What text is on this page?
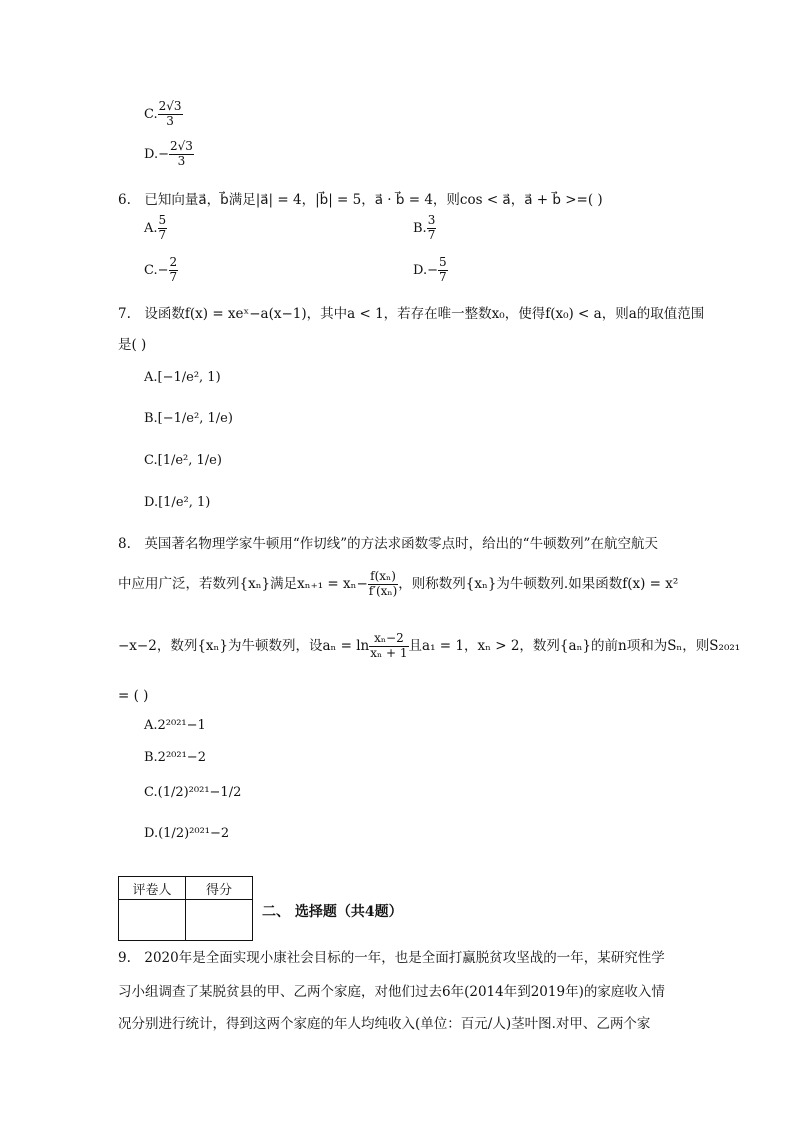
C. $\frac{2√3}{3}$
$D.- \frac{2√3}{3}$
6.　已知向量a⃗，b⃗满足|a⃗| = 4，|b⃗| = 5，a⃗ · b⃗ = 4，则cos < a⃗，a⃗ + b⃗ >=( )
A. $\frac{5}{7}$	B. $\frac{3}{7}$
$C.- \frac{2}{7}$	$D.- \frac{5}{7}$
7.　设函数f(x) = xeˣ−a(x−1)，其中a < 1，若存在唯一整数x₀，使得f(x₀) < a，则a的取值范围
是( )
A.[−1/e², 1)
B.[−1/e², 1/e)
C.[1/e², 1/e)
D.[1/e², 1)
8.　英国著名物理学家牛顿用“作切线”的方法求函数零点时，给出的“牛顿数列”在航空航天
中应用广泛，若数列{xₙ}满足$x_{n+1} = x_n- \frac{\text{f(xₙ)}}{\text{f′(xₙ)}}$ ，则称数列{xₙ}为牛顿数列.如果函数f(x) = x²
−x−2，数列{xₙ}为牛顿数列，设$a_n = \ln \frac{\text{xₙ−2}}{\text{xₙ + 1}}$ 且a₁ = 1，xₙ > 2，数列{aₙ}的前n项和为Sₙ，则S₂₀₂₁
= ( )
A.2²⁰²¹−1
B.2²⁰²¹−2
C.(1/2)²⁰²¹−1/2
D.(1/2)²⁰²¹−2
评卷人	得分

二、 选择题（共4题）
9.　2020年是全面实现小康社会目标的一年，也是全面打赢脱贫攻坚战的一年，某研究性学
习小组调查了某脱贫县的甲、乙两个家庭，对他们过去6年(2014年到2019年)的家庭收入情
况分别进行统计，得到这两个家庭的年人均纯收入(单位：百元/人)茎叶图.对甲、乙两个家
